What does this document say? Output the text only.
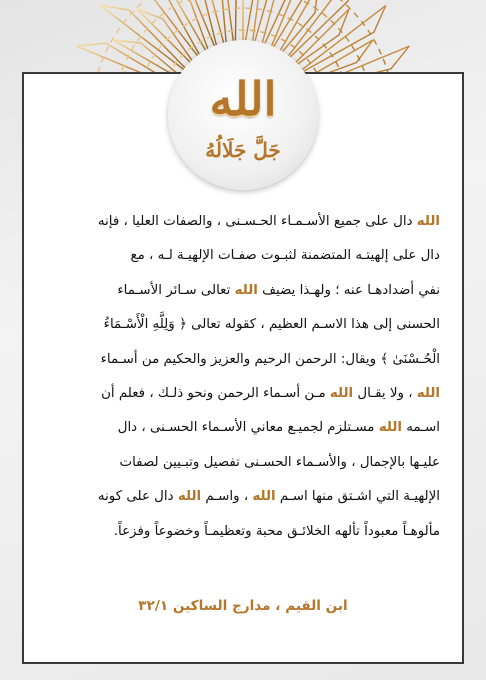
الله
جَلَّ جَلَالُهُ
الله دال على جميع الأسـمـاء الحـسـنى ، والصفات العليا ، فإنه
دال على إلهيتـه المتضمنة لثبـوت صفـات الإلهيـة لـه ، مع
نفي أضدادهـا عنه ؛ ولهـذا يضيف الله تعالى سـائر الأسـماء
الحسنى إلى هذا الاسـم العظيم ، كقوله تعالى ﴿ وَلِلَّهِ الْأَسْـمَاءُ
الْحُـسْنَىٰ ﴾ ويقال: الرحمن الرحيم والعزيز والحكيم من أسـماء
الله ، ولا يقـال الله مـن أسـماء الرحمن ونحو ذلـك ، فعلم أن
اسـمه الله مسـتلزم لجميـع معاني الأسـماء الحسـنى ، دال
عليـها بالإجمال ، والأسـماء الحسـنى تفصيل وتبـيين لصفات
الإلهيـة التي اشـتق منها اسـم الله ، واسـم الله دال على كونه
مألوهـاً معبوداً تألهه الخلائـق محبة وتعظيمـاً وخضوعاً وفزعاً.
ابن القيم ، مدارج الساكين ٣٢/١
